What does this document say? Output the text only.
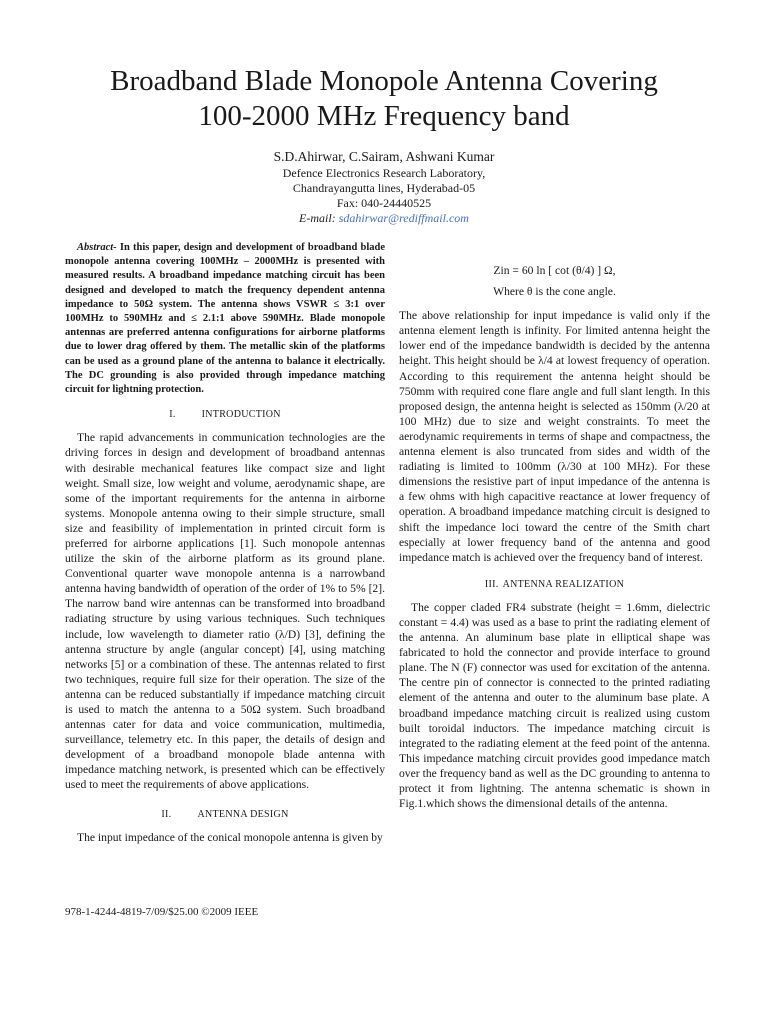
Broadband Blade Monopole Antenna Covering
100-2000 MHz Frequency band
S.D.Ahirwar, C.Sairam, Ashwani Kumar
Defence Electronics Research Laboratory,
Chandrayangutta lines, Hyderabad-05
Fax: 040-24440525
E-mail: sdahirwar@rediffmail.com

Abstract- In this paper, design and development of broadband blade monopole antenna covering 100MHz – 2000MHz is presented with measured results. A broadband impedance matching circuit has been designed and developed to match the frequency dependent antenna impedance to 50Ω system. The antenna shows VSWR ≤ 3:1 over 100MHz to 590MHz and ≤ 2.1:1 above 590MHz. Blade monopole antennas are preferred antenna configurations for airborne platforms due to lower drag offered by them. The metallic skin of the platforms can be used as a ground plane of the antenna to balance it electrically. The DC grounding is also provided through impedance matching circuit for lightning protection.

I.	INTRODUCTION

The rapid advancements in communication technologies are the driving forces in design and development of broadband antennas with desirable mechanical features like compact size and light weight. Small size, low weight and volume, aerodynamic shape, are some of the important requirements for the antenna in airborne systems. Monopole antenna owing to their simple structure, small size and feasibility of implementation in printed circuit form is preferred for airborne applications [1]. Such monopole antennas utilize the skin of the airborne platform as its ground plane. Conventional quarter wave monopole antenna is a narrowband antenna having bandwidth of operation of the order of 1% to 5% [2]. The narrow band wire antennas can be transformed into broadband radiating structure by using various techniques. Such techniques include, low wavelength to diameter ratio (λ/D) [3], defining the antenna structure by angle (angular concept) [4], using matching networks [5] or a combination of these. The antennas related to first two techniques, require full size for their operation. The size of the antenna can be reduced substantially if impedance matching circuit is used to match the antenna to a 50Ω system. Such broadband antennas cater for data and voice communication, multimedia, surveillance, telemetry etc. In this paper, the details of design and development of a broadband monopole blade antenna with impedance matching network, is presented which can be effectively used to meet the requirements of above applications.

II.	ANTENNA DESIGN

The input impedance of the conical monopole antenna is given by

Zin = 60 ln [ cot (θ/4) ] Ω,
Where θ is the cone angle.

The above relationship for input impedance is valid only if the antenna element length is infinity. For limited antenna height the lower end of the impedance bandwidth is decided by the antenna height. This height should be λ/4 at lowest frequency of operation. According to this requirement the antenna height should be 750mm with required cone flare angle and full slant length. In this proposed design, the antenna height is selected as 150mm (λ/20 at 100 MHz) due to size and weight constraints. To meet the aerodynamic requirements in terms of shape and compactness, the antenna element is also truncated from sides and width of the radiating is limited to 100mm (λ/30 at 100 MHz). For these dimensions the resistive part of input impedance of the antenna is a few ohms with high capacitive reactance at lower frequency of operation. A broadband impedance matching circuit is designed to shift the impedance loci toward the centre of the Smith chart especially at lower frequency band of the antenna and good impedance match is achieved over the frequency band of interest.

III. ANTENNA REALIZATION

The copper claded FR4 substrate (height = 1.6mm, dielectric constant = 4.4) was used as a base to print the radiating element of the antenna. An aluminum base plate in elliptical shape was fabricated to hold the connector and provide interface to ground plane. The N (F) connector was used for excitation of the antenna. The centre pin of connector is connected to the printed radiating element of the antenna and outer to the aluminum base plate. A broadband impedance matching circuit is realized using custom built toroidal inductors. The impedance matching circuit is integrated to the radiating element at the feed point of the antenna. This impedance matching circuit provides good impedance match over the frequency band as well as the DC grounding to antenna to protect it from lightning. The antenna schematic is shown in Fig.1.which shows the dimensional details of the antenna.

978-1-4244-4819-7/09/$25.00 ©2009 IEEE
